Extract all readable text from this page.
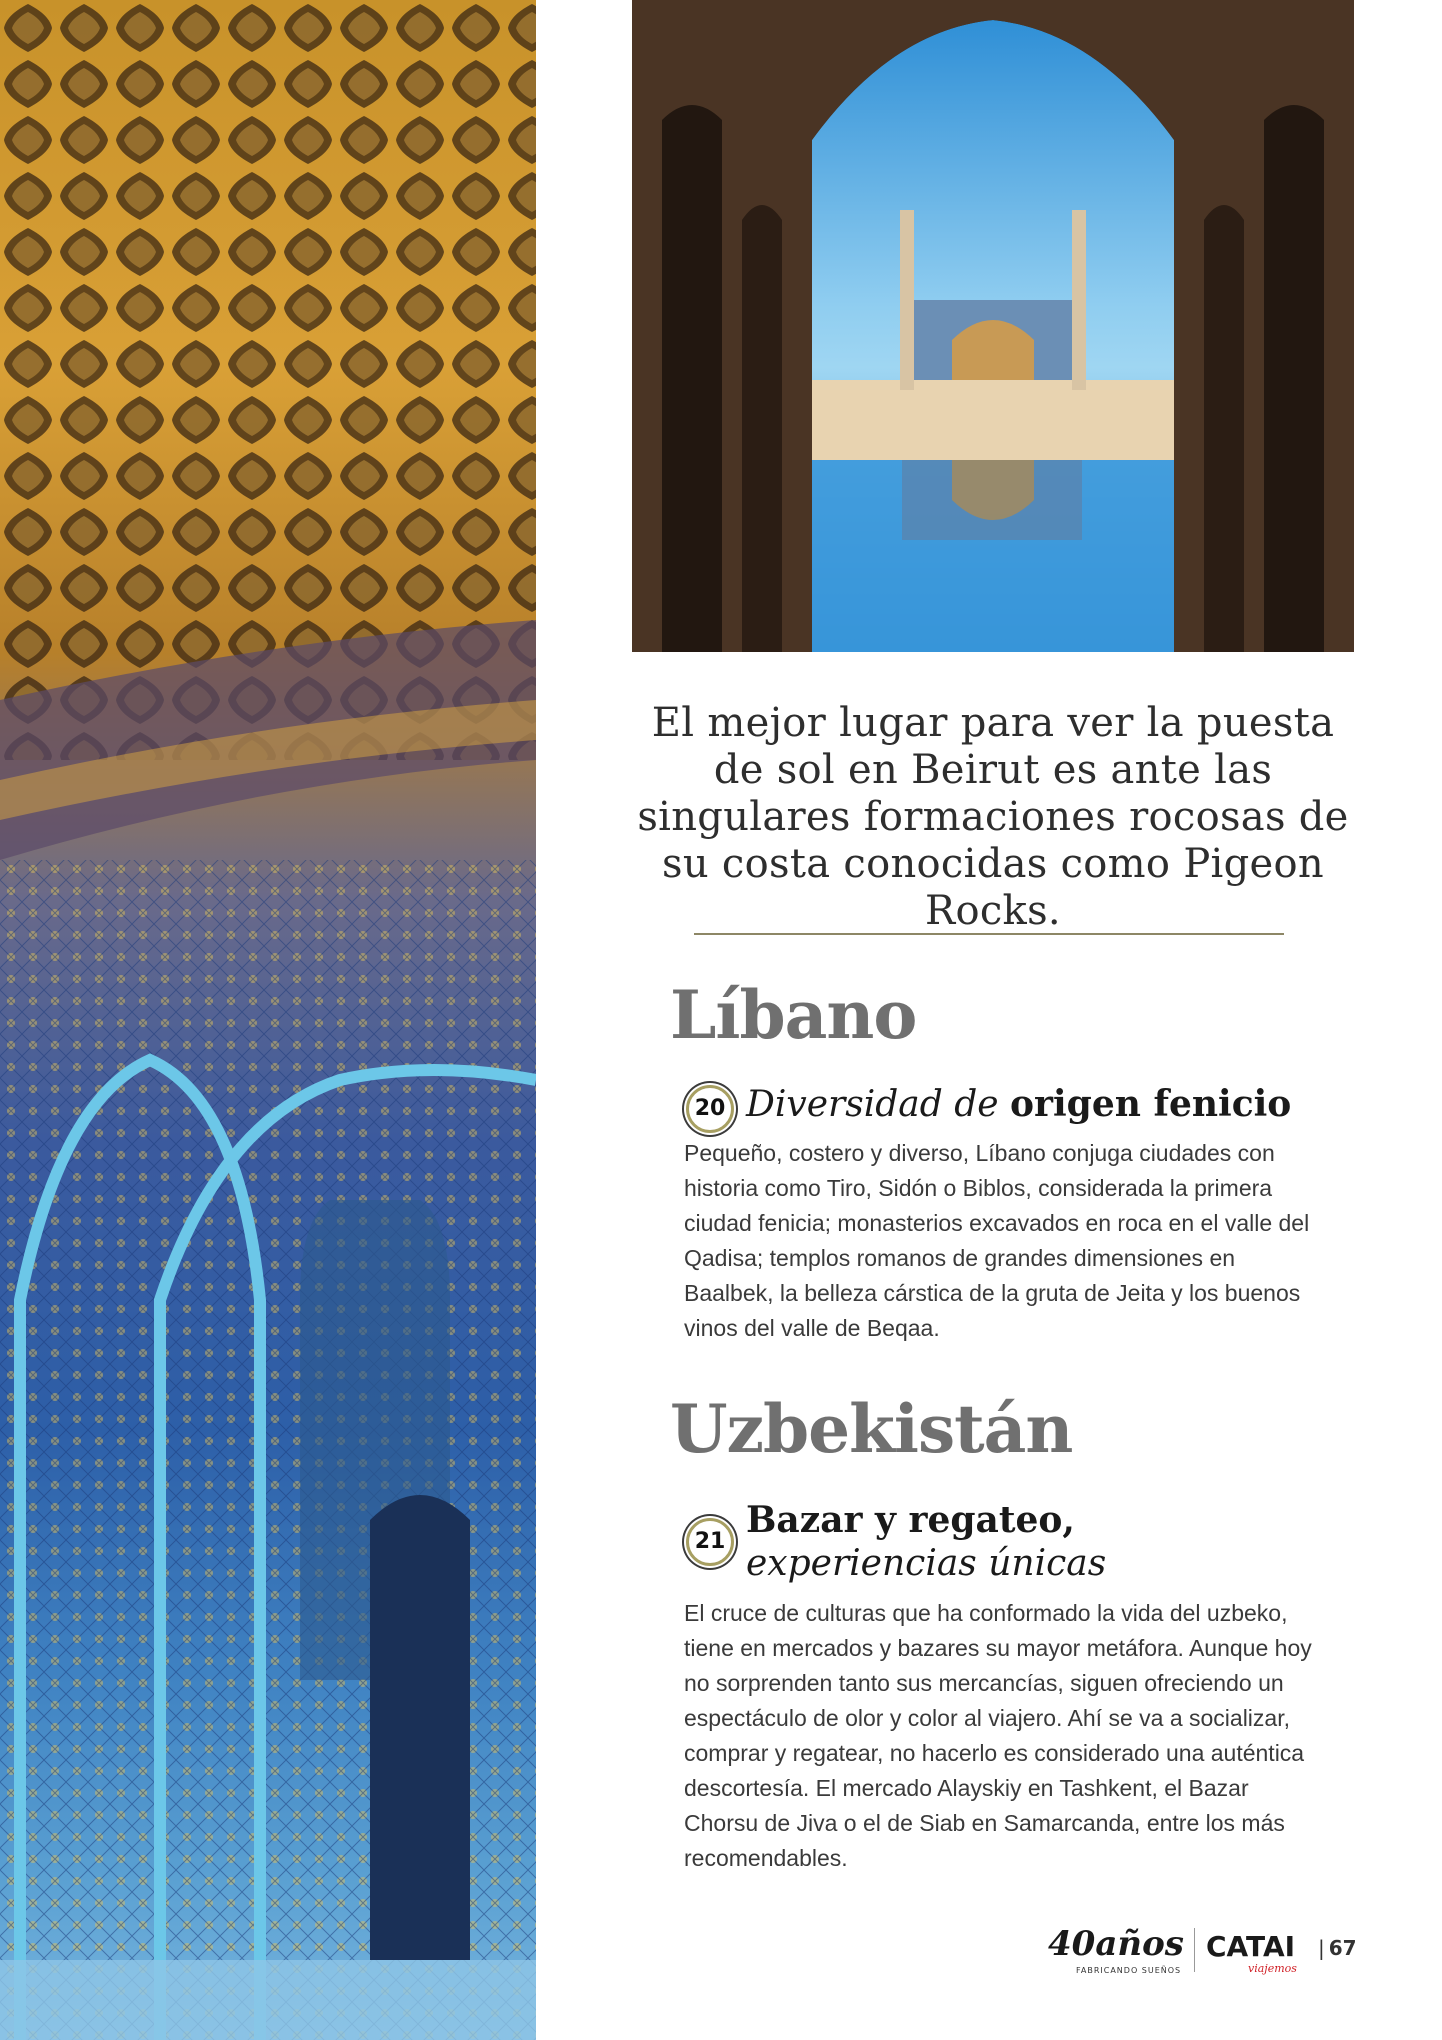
El mejor lugar para ver la puesta de sol en Beirut es ante las singulares formaciones rocosas de su costa conocidas como Pigeon Rocks.
Líbano
20 Diversidad de origen fenicio
Pequeño, costero y diverso, Líbano conjuga ciudades con historia como Tiro, Sidón o Biblos, considerada la primera ciudad fenicia; monasterios excavados en roca en el valle del Qadisa; templos romanos de grandes dimensiones en Baalbek, la belleza cárstica de la gruta de Jeita y los buenos vinos del valle de Beqaa.
Uzbekistán
21
Bazar y regateo,
experiencias únicas
El cruce de culturas que ha conformado la vida del uzbeko, tiene en mercados y bazares su mayor metáfora. Aunque hoy no sorprenden tanto sus mercancías, siguen ofreciendo un espectáculo de olor y color al viajero. Ahí se va a socializar, comprar y regatear, no hacerlo es considerado una auténtica descortesía. El mercado Alayskiy en Tashkent, el Bazar Chorsu de Jiva o el de Siab en Samarcanda, entre los más recomendables.
40años
FABRICANDO SUEÑOS
CATAI
viajemos
| 67
